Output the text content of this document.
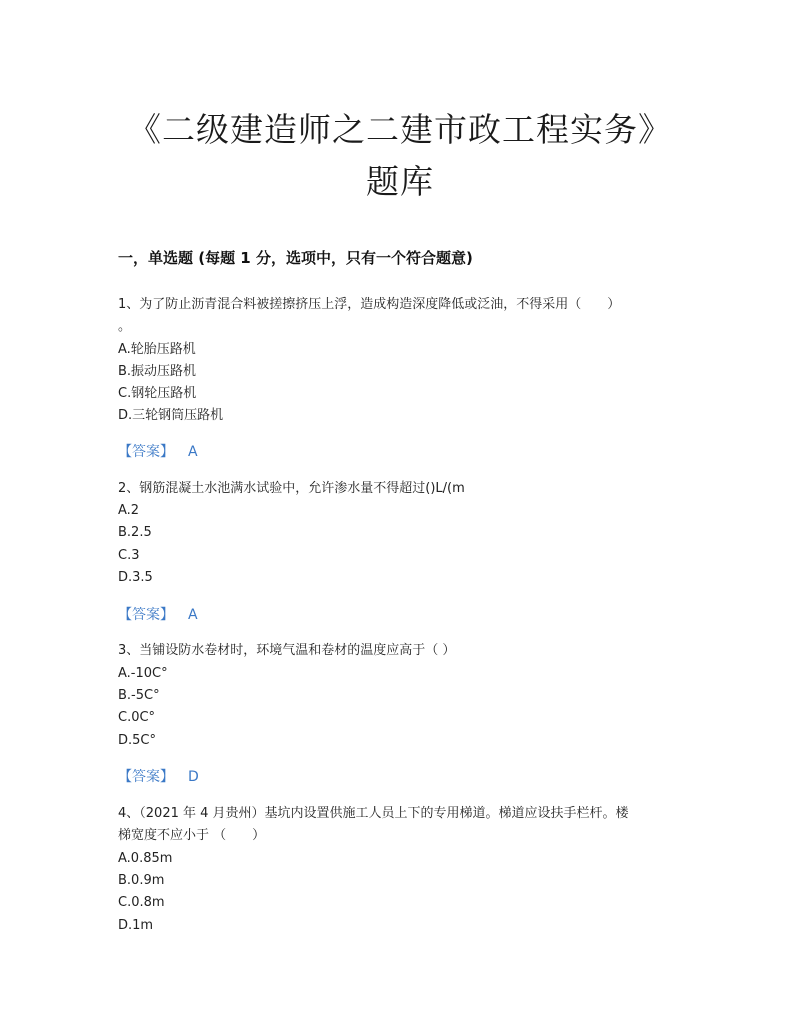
《二级建造师之二建市政工程实务》
题库
一，单选题 (每题 1 分，选项中，只有一个符合题意)
1、为了防止沥青混合料被搓擦挤压上浮，造成构造深度降低或泛油，不得采用（　　）
。
A.轮胎压路机
B.振动压路机
C.钢轮压路机
D.三轮钢筒压路机
【答案】 A
2、钢筋混凝土水池满水试验中，允许渗水量不得超过()L/(m
A.2
B.2.5
C.3
D.3.5
【答案】 A
3、当铺设防水卷材时，环境气温和卷材的温度应高于（ ）
A.-10C°
B.-5C°
C.0C°
D.5C°
【答案】 D
4、（2021 年 4 月贵州）基坑内设置供施工人员上下的专用梯道。梯道应设扶手栏杆。楼
梯宽度不应小于 （　　）
A.0.85m
B.0.9m
C.0.8m
D.1m
